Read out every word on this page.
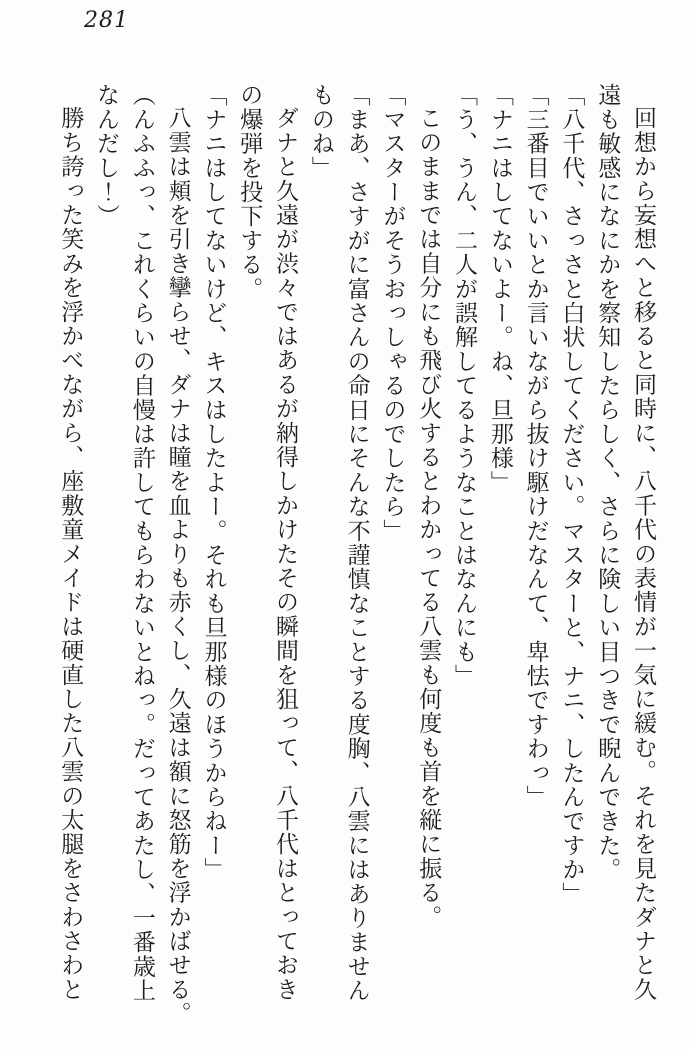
281

回想から妄想へと移ると同時に、八千代の表情が一気に緩む。それを見たダナと久
遠も敏感になにかを察知したらしく、さらに険しい目つきで睨んできた。

「八千代、さっさと白状してください。マスターと、ナニ、したんですか」

「三番目でいいとか言いながら抜け駆けだなんて、卑怯ですわっ」

「ナニはしてないよー。ね、旦那様」

「う、うん、二人が誤解してるようなことはなんにも」

このままでは自分にも飛び火するとわかってる八雲も何度も首を縦に振る。

「マスターがそうおっしゃるのでしたら」

「まあ、さすがに富さんの命日にそんな不謹慎なことする度胸、八雲にはありません
ものね」

ダナと久遠が渋々ではあるが納得しかけたその瞬間を狙って、八千代はとっておき
の爆弾を投下する。

「ナニはしてないけど、キスはしたよー。それも旦那様のほうからねー」

八雲は頬を引き攣らせ、ダナは瞳を血よりも赤くし、久遠は額に怒筋を浮かばせる。

（んふふっ、これくらいの自慢は許してもらわないとねっ。だってあたし、一番歳上
なんだし！）

勝ち誇った笑みを浮かべながら、座敷童メイドは硬直した八雲の太腿をさわさわと
